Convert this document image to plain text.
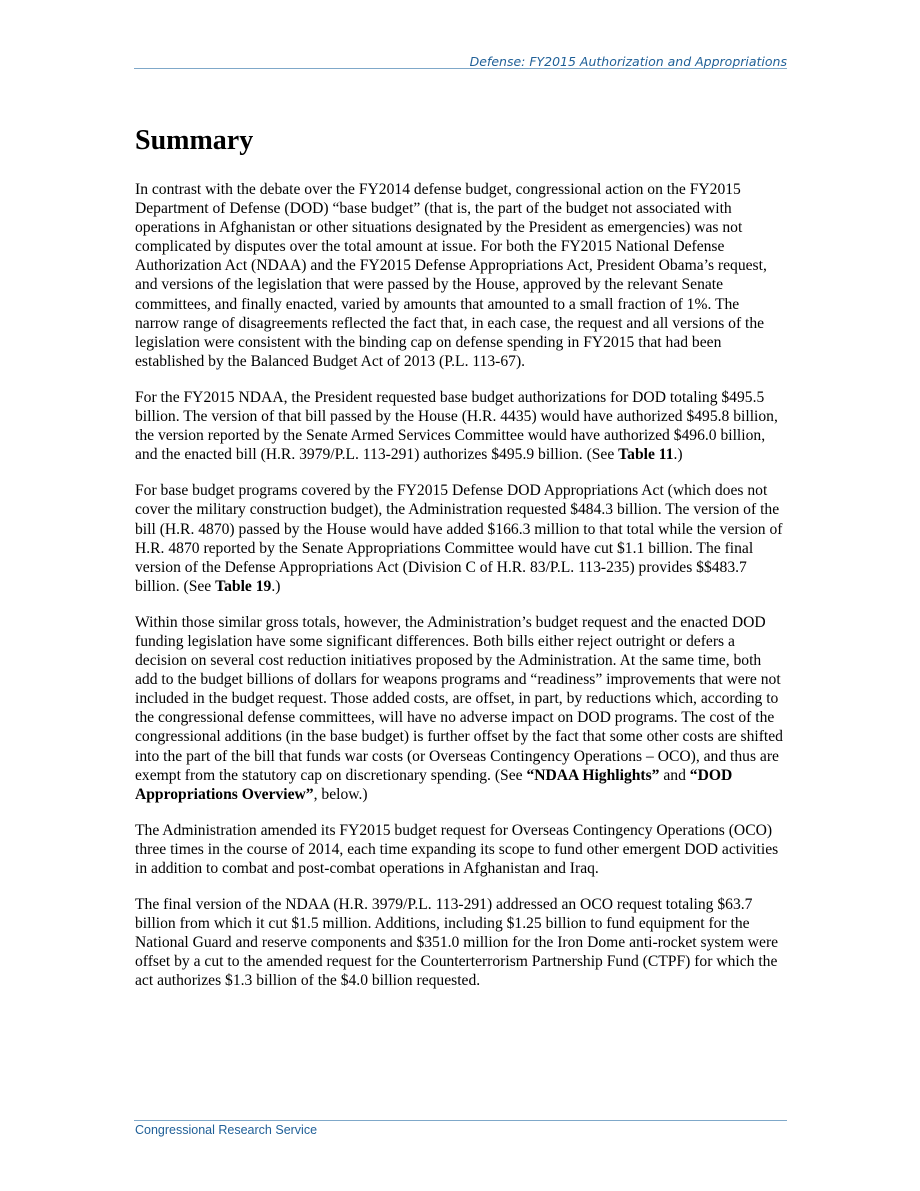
Defense: FY2015 Authorization and Appropriations
Summary

In contrast with the debate over the FY2014 defense budget, congressional action on the FY2015 Department of Defense (DOD) “base budget” (that is, the part of the budget not associated with operations in Afghanistan or other situations designated by the President as emergencies) was not complicated by disputes over the total amount at issue. For both the FY2015 National Defense Authorization Act (NDAA) and the FY2015 Defense Appropriations Act, President Obama’s request, and versions of the legislation that were passed by the House, approved by the relevant Senate committees, and finally enacted, varied by amounts that amounted to a small fraction of 1%. The narrow range of disagreements reflected the fact that, in each case, the request and all versions of the legislation were consistent with the binding cap on defense spending in FY2015 that had been established by the Balanced Budget Act of 2013 (P.L. 113-67).

For the FY2015 NDAA, the President requested base budget authorizations for DOD totaling $495.5 billion. The version of that bill passed by the House (H.R. 4435) would have authorized $495.8 billion, the version reported by the Senate Armed Services Committee would have authorized $496.0 billion, and the enacted bill (H.R. 3979/P.L. 113-291) authorizes $495.9 billion. (See Table 11.)

For base budget programs covered by the FY2015 Defense DOD Appropriations Act (which does not cover the military construction budget), the Administration requested $484.3 billion. The version of the bill (H.R. 4870) passed by the House would have added $166.3 million to that total while the version of H.R. 4870 reported by the Senate Appropriations Committee would have cut $1.1 billion. The final version of the Defense Appropriations Act (Division C of H.R. 83/P.L. 113-235) provides $$483.7 billion. (See Table 19.)

Within those similar gross totals, however, the Administration’s budget request and the enacted DOD funding legislation have some significant differences. Both bills either reject outright or defers a decision on several cost reduction initiatives proposed by the Administration. At the same time, both add to the budget billions of dollars for weapons programs and “readiness” improvements that were not included in the budget request. Those added costs, are offset, in part, by reductions which, according to the congressional defense committees, will have no adverse impact on DOD programs. The cost of the congressional additions (in the base budget) is further offset by the fact that some other costs are shifted into the part of the bill that funds war costs (or Overseas Contingency Operations – OCO), and thus are exempt from the statutory cap on discretionary spending. (See “NDAA Highlights” and “DOD Appropriations Overview”, below.)

The Administration amended its FY2015 budget request for Overseas Contingency Operations (OCO) three times in the course of 2014, each time expanding its scope to fund other emergent DOD activities in addition to combat and post-combat operations in Afghanistan and Iraq.

The final version of the NDAA (H.R. 3979/P.L. 113-291) addressed an OCO request totaling $63.7 billion from which it cut $1.5 million. Additions, including $1.25 billion to fund equipment for the National Guard and reserve components and $351.0 million for the Iron Dome anti-rocket system were offset by a cut to the amended request for the Counterterrorism Partnership Fund (CTPF) for which the act authorizes $1.3 billion of the $4.0 billion requested.

Congressional Research Service
